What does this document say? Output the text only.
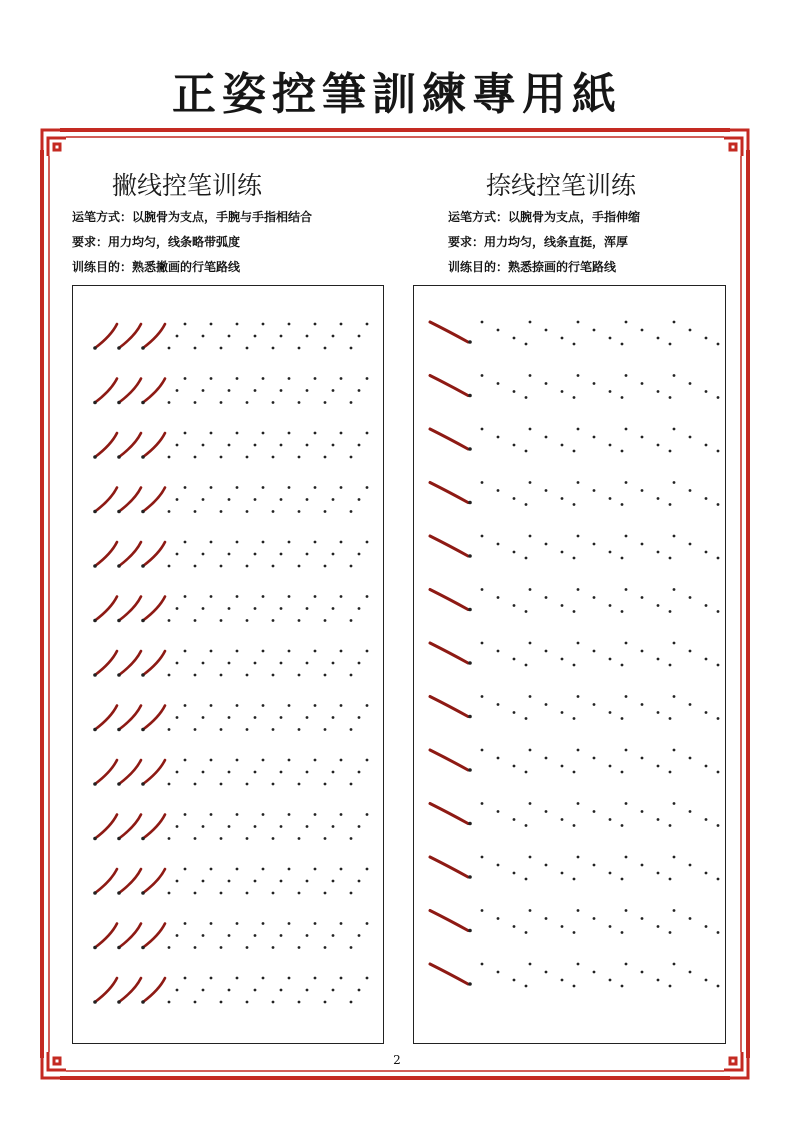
正姿控筆訓練專用紙
撇线控笔训练
运笔方式：以腕骨为支点，手腕与手指相结合
要求：用力均匀，线条略带弧度
训练目的：熟悉撇画的行笔路线
捺线控笔训练
运笔方式：以腕骨为支点，手指伸缩
要求：用力均匀，线条直挺，浑厚
训练目的：熟悉捺画的行笔路线
2
